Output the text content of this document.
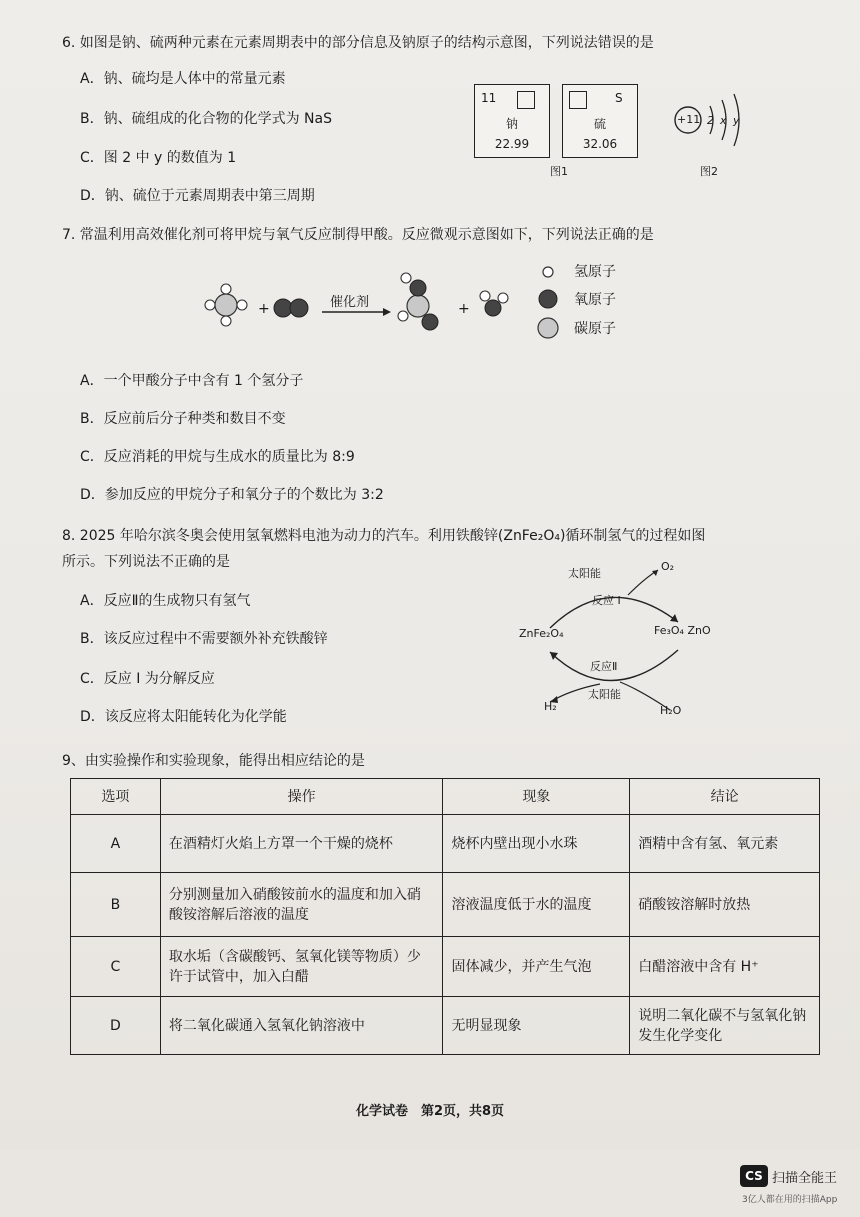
6. 如图是钠、硫两种元素在元素周期表中的部分信息及钠原子的结构示意图，下列说法错误的是
A．钠、硫均是人体中的常量元素
B．钠、硫组成的化合物的化学式为 NaS
C．图 2 中 y 的数值为 1
D．钠、硫位于元素周期表中第三周期
11
钠
22.99
S
硫
32.06
图1	图2
+11 2 x y
7. 常温利用高效催化剂可将甲烷与氧气反应制得甲酸。反应微观示意图如下，下列说法正确的是
+	+
催化剂
氢原子
氧原子
碳原子
A．一个甲酸分子中含有 1 个氢分子
B．反应前后分子种类和数目不变
C．反应消耗的甲烷与生成水的质量比为 8:9
D．参加反应的甲烷分子和氧分子的个数比为 3:2
8. 2025 年哈尔滨冬奥会使用氢氧燃料电池为动力的汽车。利用铁酸锌(ZnFe₂O₄)循环制氢气的过程如图
所示。下列说法不正确的是
A．反应Ⅱ的生成物只有氢气
B．该反应过程中不需要额外补充铁酸锌
C．反应 I 为分解反应
D．该反应将太阳能转化为化学能
太阳能
O₂
反应 I
ZnFe₂O₄	Fe₃O₄ ZnO
反应Ⅱ
太阳能
H₂	H₂O
9、由实验操作和实验现象，能得出相应结论的是
选项	操作	现象	结论
A	在酒精灯火焰上方罩一个干燥的烧杯	烧杯内壁出现小水珠	酒精中含有氢、氧元素
B	分别测量加入硝酸铵前水的温度和加入硝酸铵溶解后溶液的温度	溶液温度低于水的温度	硝酸铵溶解时放热
C	取水垢（含碳酸钙、氢氧化镁等物质）少许于试管中，加入白醋	固体减少，并产生气泡	白醋溶液中含有 H⁺
D	将二氧化碳通入氢氧化钠溶液中	无明显现象	说明二氧化碳不与氢氧化钠发生化学变化
化学试卷　第2页，共8页
CS 扫描全能王
3亿人都在用的扫描App
